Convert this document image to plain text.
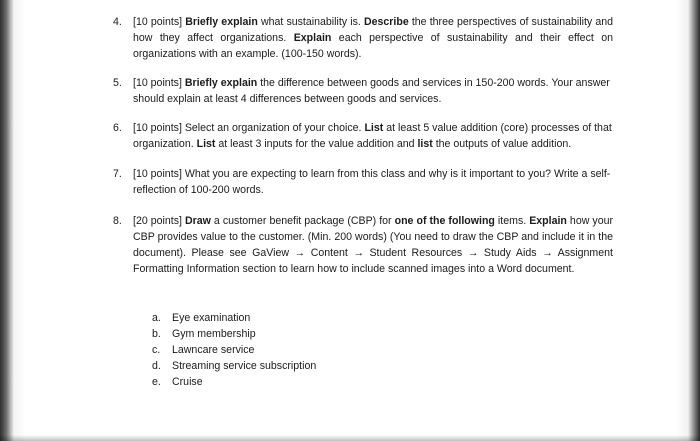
4. [10 points] Briefly explain what sustainability is. Describe the three perspectives of sustainability and how they affect organizations. Explain each perspective of sustainability and their effect on organizations with an example. (100-150 words).
5. [10 points] Briefly explain the difference between goods and services in 150-200 words. Your answer should explain at least 4 differences between goods and services.
6. [10 points] Select an organization of your choice. List at least 5 value addition (core) processes of that organization. List at least 3 inputs for the value addition and list the outputs of value addition.
7. [10 points] What you are expecting to learn from this class and why is it important to you? Write a self-reflection of 100-200 words.
8. [20 points] Draw a customer benefit package (CBP) for one of the following items. Explain how your CBP provides value to the customer. (Min. 200 words) (You need to draw the CBP and include it in the document). Please see GaView → Content → Student Resources → Study Aids → Assignment Formatting Information section to learn how to include scanned images into a Word document.
a. Eye examination
b. Gym membership
c. Lawncare service
d. Streaming service subscription
e. Cruise
